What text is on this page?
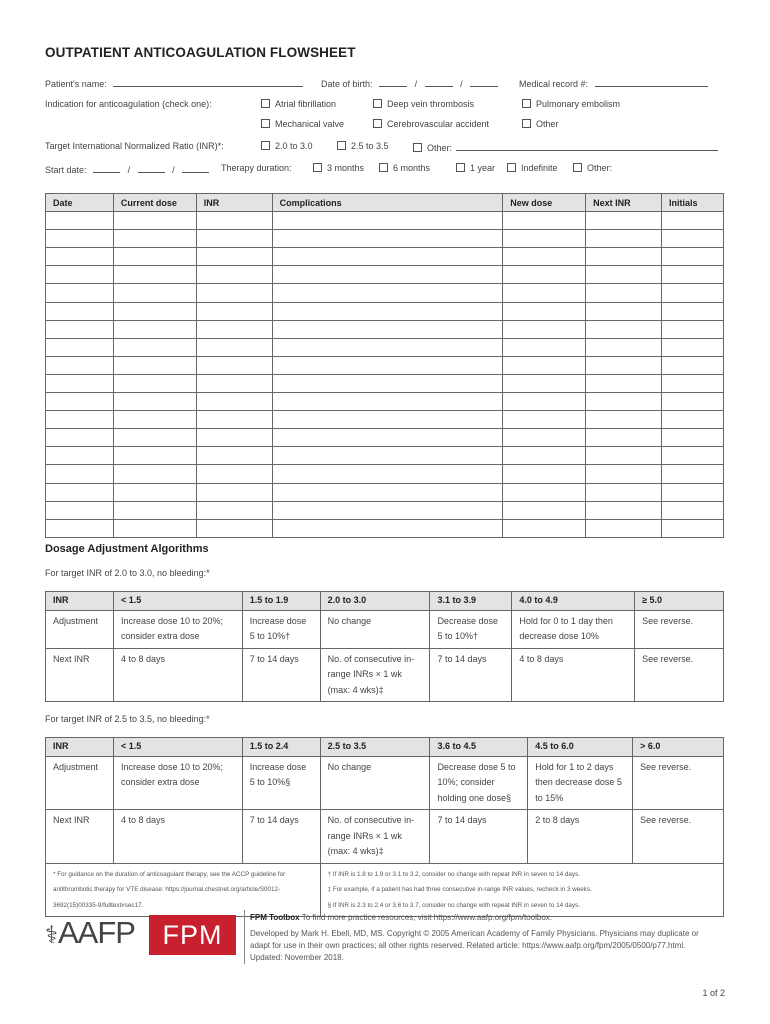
OUTPATIENT ANTICOAGULATION FLOWSHEET
Patient's name:	Date of birth:	/	/	Medical record #:
Indication for anticoagulation (check one):	Atrial fibrillation	Deep vein thrombosis	Pulmonary embolism
Mechanical valve	Cerebrovascular accident	Other
Target International Normalized Ratio (INR)*:	2.0 to 3.0	2.5 to 3.5	Other:
Start date:	/	/	Therapy duration:	3 months	6 months	1 year	Indefinite	Other:
Date	Current dose	INR	Complications	New dose	Next INR	Initials

Dosage Adjustment Algorithms
For target INR of 2.0 to 3.0, no bleeding:*
INR	< 1.5	1.5 to 1.9	2.0 to 3.0	3.1 to 3.9	4.0 to 4.9	≥ 5.0
Adjustment	Increase dose 10 to 20%; consider extra dose	Increase dose 5 to 10%†	No change	Decrease dose 5 to 10%†	Hold for 0 to 1 day then decrease dose 10%	See reverse.
Next INR	4 to 8 days	7 to 14 days	No. of consecutive in-range INRs × 1 wk (max: 4 wks)‡	7 to 14 days	4 to 8 days	See reverse.
For target INR of 2.5 to 3.5, no bleeding:*
INR	< 1.5	1.5 to 2.4	2.5 to 3.5	3.6 to 4.5	4.5 to 6.0	> 6.0
Adjustment	Increase dose 10 to 20%; consider extra dose	Increase dose 5 to 10%§	No change	Decrease dose 5 to 10%; consider holding one dose§	Hold for 1 to 2 days then decrease dose 5 to 15%	See reverse.
Next INR	4 to 8 days	7 to 14 days	No. of consecutive in-range INRs × 1 wk (max: 4 wks)‡	7 to 14 days	2 to 8 days	See reverse.
* For guidance on the duration of anticoagulant therapy, see the ACCP guideline for antithrombotic therapy for VTE disease: https://journal.chestnet.org/article/S0012-3692(15)00335-9/fulltext#sec17.			† If INR is 1.8 to 1.9 or 3.1 to 3.2, consider no change with repeat INR in seven to 14 days.
‡ For example, if a patient has had three consecutive in-range INR values, recheck in 3 weeks.
§ If INR is 2.3 to 2.4 or 3.6 to 3.7, consider no change with repeat INR in seven to 14 days.			
⚕AAFP	FPM
FPM Toolbox To find more practice resources, visit https://www.aafp.org/fpm/toolbox.
Developed by Mark H. Ebell, MD, MS. Copyright © 2005 American Academy of Family Physicians. Physicians may duplicate or adapt for use in their own practices; all other rights reserved. Related article: https://www.aafp.org/fpm/2005/0500/p77.html. Updated: November 2018.
1 of 2
